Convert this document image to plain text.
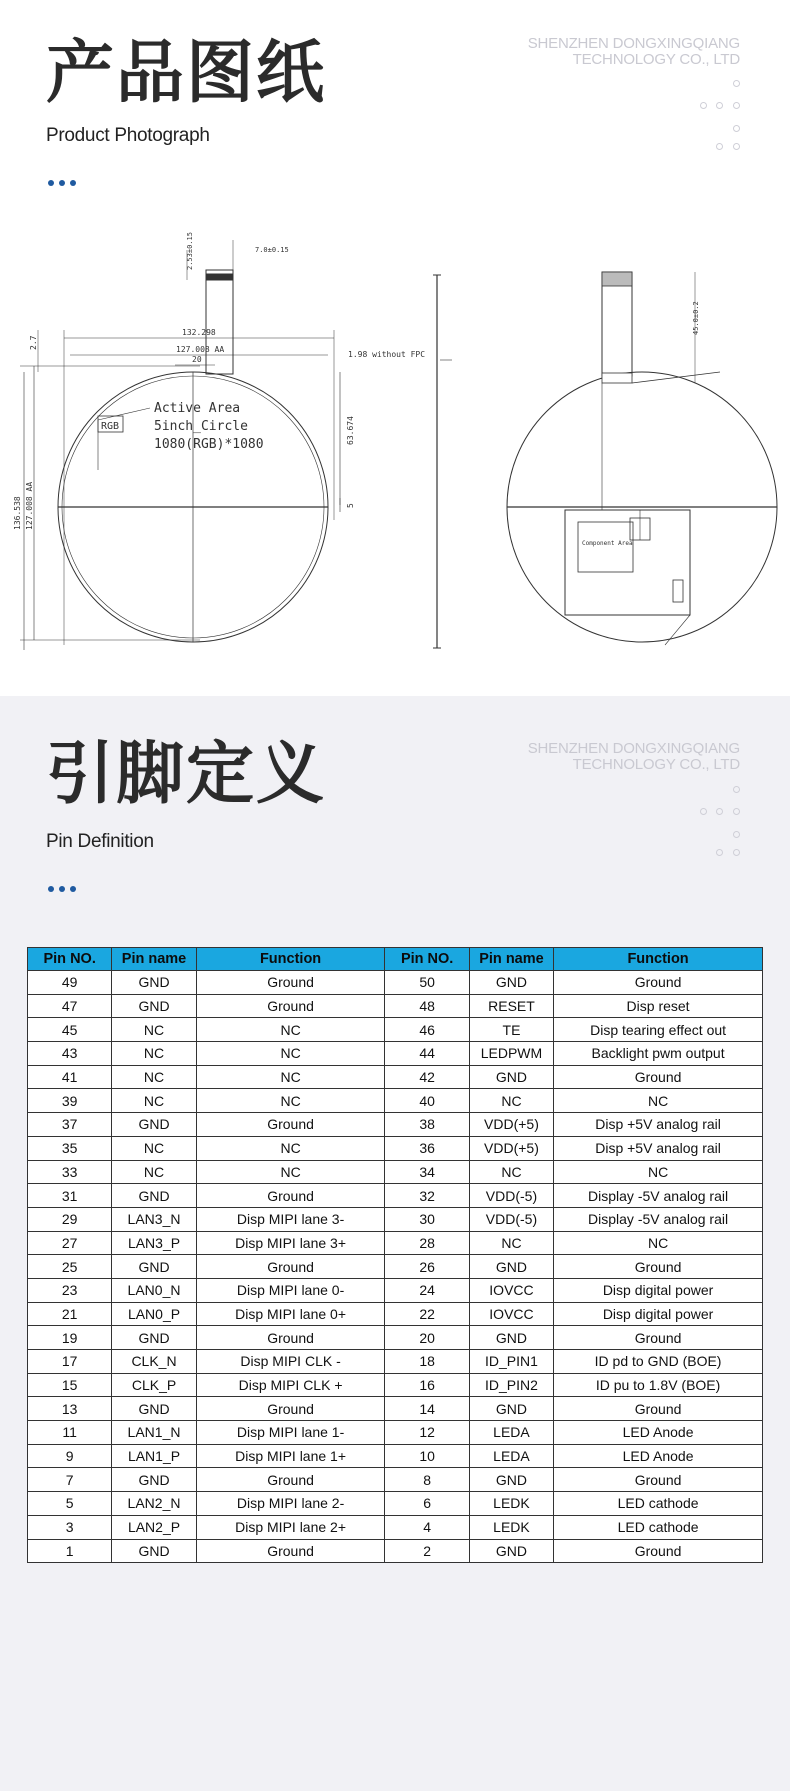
产品图纸
Product Photograph
SHENZHEN DONGXINGQIANG
TECHNOLOGY CO., LTD
Active Area
5inch_Circle
1080(RGB)*1080
RGB
132.298
127.008 AA
20
1.98 without FPC
7.0±0.15
2.53±0.15
136.538 127.008 AA
2.7
63.674
5
Component Area
45.0±0.2
引脚定义
Pin Definition
SHENZHEN DONGXINGQIANG
TECHNOLOGY CO., LTD
Pin NO.	Pin name	Function	Pin NO.	Pin name	Function
49	GND	Ground	50	GND	Ground
47	GND	Ground	48	RESET	Disp reset
45	NC	NC	46	TE	Disp tearing effect out
43	NC	NC	44	LEDPWM	Backlight pwm output
41	NC	NC	42	GND	Ground
39	NC	NC	40	NC	NC
37	GND	Ground	38	VDD(+5)	Disp +5V analog rail
35	NC	NC	36	VDD(+5)	Disp +5V analog rail
33	NC	NC	34	NC	NC
31	GND	Ground	32	VDD(-5)	Display -5V analog rail
29	LAN3_N	Disp MIPI lane 3-	30	VDD(-5)	Display -5V analog rail
27	LAN3_P	Disp MIPI lane 3+	28	NC	NC
25	GND	Ground	26	GND	Ground
23	LAN0_N	Disp MIPI lane 0-	24	IOVCC	Disp digital power
21	LAN0_P	Disp MIPI lane 0+	22	IOVCC	Disp digital power
19	GND	Ground	20	GND	Ground
17	CLK_N	Disp MIPI CLK -	18	ID_PIN1	ID pd to GND (BOE)
15	CLK_P	Disp MIPI CLK +	16	ID_PIN2	ID pu to 1.8V (BOE)
13	GND	Ground	14	GND	Ground
11	LAN1_N	Disp MIPI lane 1-	12	LEDA	LED Anode
9	LAN1_P	Disp MIPI lane 1+	10	LEDA	LED Anode
7	GND	Ground	8	GND	Ground
5	LAN2_N	Disp MIPI lane 2-	6	LEDK	LED cathode
3	LAN2_P	Disp MIPI lane 2+	4	LEDK	LED cathode
1	GND	Ground	2	GND	Ground
